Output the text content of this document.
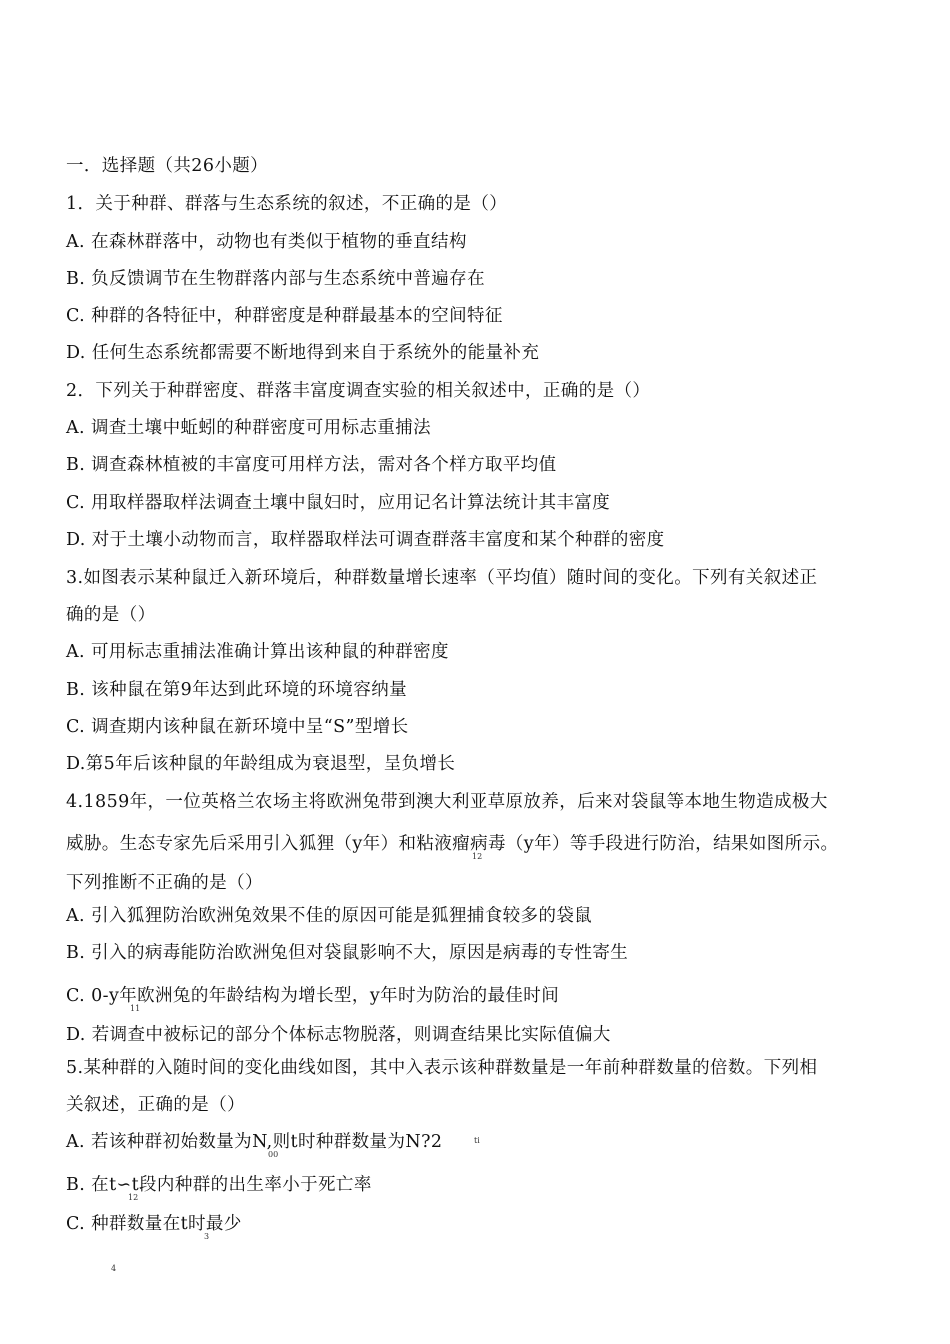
一．选择题（共26小题）
1．关于种群、群落与生态系统的叙述，不正确的是（）
A. 在森林群落中，动物也有类似于植物的垂直结构
B. 负反馈调节在生物群落内部与生态系统中普遍存在
C. 种群的各特征中，种群密度是种群最基本的空间特征
D. 任何生态系统都需要不断地得到来自于系统外的能量补充
2．下列关于种群密度、群落丰富度调查实验的相关叙述中，正确的是（）
A. 调查土壤中蚯蚓的种群密度可用标志重捕法
B. 调查森林植被的丰富度可用样方法，需对各个样方取平均值
C. 用取样器取样法调查土壤中鼠妇时，应用记名计算法统计其丰富度
D. 对于土壤小动物而言，取样器取样法可调查群落丰富度和某个种群的密度
3.如图表示某种鼠迁入新环境后，种群数量增长速率（平均值）随时间的变化。下列有关叙述正
确的是（）
A. 可用标志重捕法准确计算出该种鼠的种群密度
B. 该种鼠在第9年达到此环境的环境容纳量
C. 调查期内该种鼠在新环境中呈“S”型增长
D.第5年后该种鼠的年龄组成为衰退型，呈负增长
4.1859年，一位英格兰农场主将欧洲兔带到澳大利亚草原放养，后来对袋鼠等本地生物造成极大
威胁。生态专家先后采用引入狐狸（y年）和粘液瘤病毒（y年）等手段进行防治，结果如图所示。
12
下列推断不正确的是（）
A. 引入狐狸防治欧洲兔效果不佳的原因可能是狐狸捕食较多的袋鼠
B. 引入的病毒能防治欧洲兔但对袋鼠影响不大，原因是病毒的专性寄生
C. 0-y年欧洲兔的年龄结构为增长型，y年时为防治的最佳时间
11
D. 若调查中被标记的部分个体标志物脱落，则调查结果比实际值偏大
5.某种群的入随时间的变化曲线如图，其中入表示该种群数量是一年前种群数量的倍数。下列相
关叙述，正确的是（）
A. 若该种群初始数量为N,则t时种群数量为N?2	ti
00
B. 在t∽t段内种群的出生率小于死亡率
12
C. 种群数量在t时最少
3
4
